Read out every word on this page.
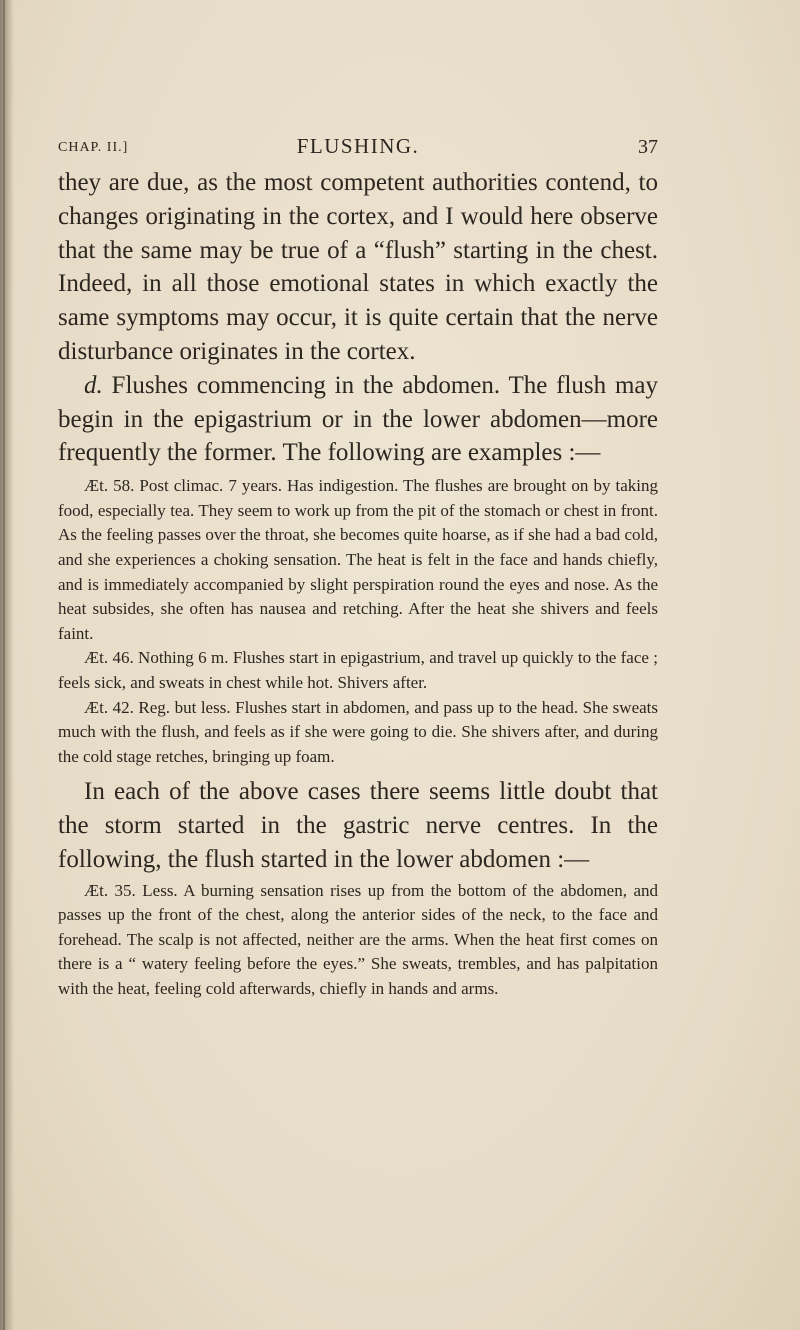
CHAP. II.]	FLUSHING.	37

they are due, as the most competent authorities contend, to changes originating in the cortex, and I would here observe that the same may be true of a “flush” starting in the chest. Indeed, in all those emotional states in which exactly the same symptoms may occur, it is quite certain that the nerve disturbance originates in the cortex.

d. Flushes commencing in the abdomen. The flush may begin in the epigastrium or in the lower abdomen—more frequently the former. The following are examples :—

Æt. 58. Post climac. 7 years. Has indigestion. The flushes are brought on by taking food, especially tea. They seem to work up from the pit of the stomach or chest in front. As the feeling passes over the throat, she becomes quite hoarse, as if she had a bad cold, and she experiences a choking sensation. The heat is felt in the face and hands chiefly, and is immediately accompanied by slight perspiration round the eyes and nose. As the heat subsides, she often has nausea and retching. After the heat she shivers and feels faint.

Æt. 46. Nothing 6 m. Flushes start in epigastrium, and travel up quickly to the face ; feels sick, and sweats in chest while hot. Shivers after.

Æt. 42. Reg. but less. Flushes start in abdomen, and pass up to the head. She sweats much with the flush, and feels as if she were going to die. She shivers after, and during the cold stage retches, bringing up foam.

In each of the above cases there seems little doubt that the storm started in the gastric nerve centres. In the following, the flush started in the lower abdomen :—

Æt. 35. Less. A burning sensation rises up from the bottom of the abdomen, and passes up the front of the chest, along the anterior sides of the neck, to the face and forehead. The scalp is not affected, neither are the arms. When the heat first comes on there is a “ watery feeling before the eyes.” She sweats, trembles, and has palpitation with the heat, feeling cold afterwards, chiefly in hands and arms.
